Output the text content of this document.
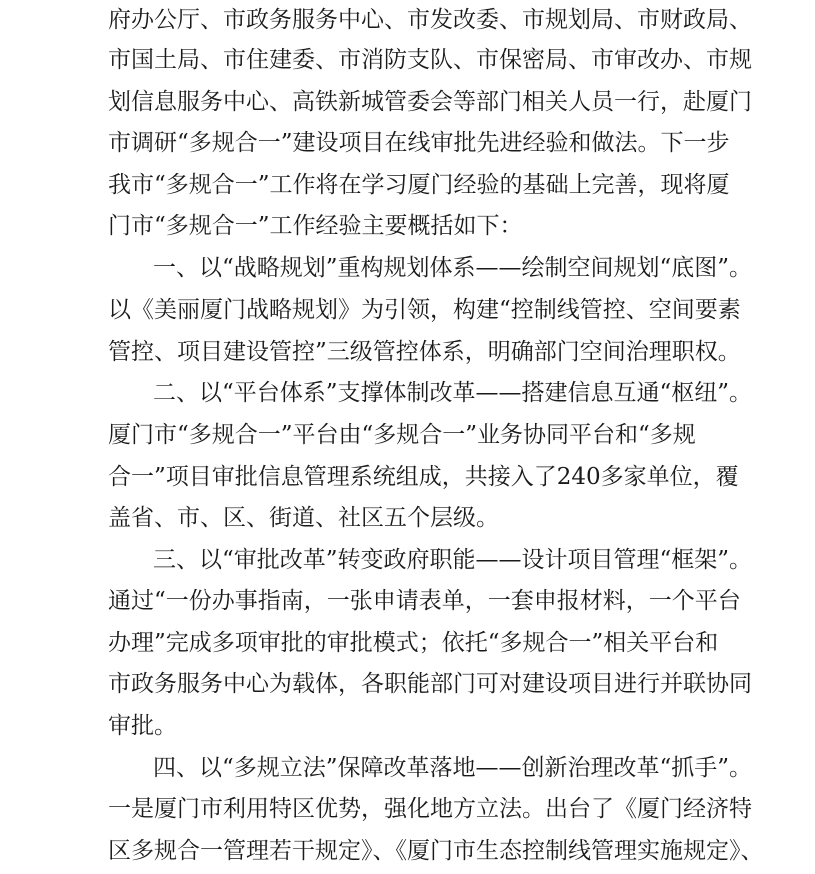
府办公厅、市政务服务中心、市发改委、市规划局、市财政局、
市国土局、市住建委、市消防支队、市保密局、市审改办、市规
划信息服务中心、高铁新城管委会等部门相关人员一行，赴厦门
市调研“多规合一”建设项目在线审批先进经验和做法。下一步
我市“多规合一”工作将在学习厦门经验的基础上完善，现将厦
门市“多规合一”工作经验主要概括如下：
一、以“战略规划”重构规划体系——绘制空间规划“底图”。
以《美丽厦门战略规划》为引领，构建“控制线管控、空间要素
管控、项目建设管控”三级管控体系，明确部门空间治理职权。
二、以“平台体系”支撑体制改革——搭建信息互通“枢纽”。
厦门市“多规合一”平台由“多规合一”业务协同平台和“多规
合一”项目审批信息管理系统组成，共接入了240多家单位，覆
盖省、市、区、街道、社区五个层级。
三、以“审批改革”转变政府职能——设计项目管理“框架”。
通过“一份办事指南，一张申请表单，一套申报材料，一个平台
办理”完成多项审批的审批模式；依托“多规合一”相关平台和
市政务服务中心为载体，各职能部门可对建设项目进行并联协同
审批。
四、以“多规立法”保障改革落地——创新治理改革“抓手”。
一是厦门市利用特区优势，强化地方立法。出台了《厦门经济特
区多规合一管理若干规定》、《厦门市生态控制线管理实施规定》、
